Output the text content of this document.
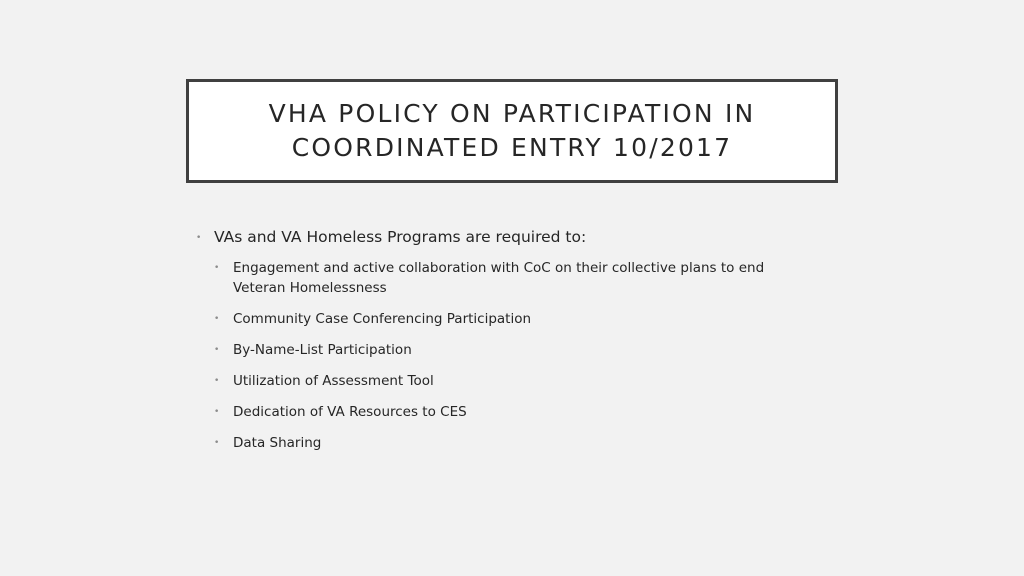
VHA POLICY ON PARTICIPATION IN
COORDINATED ENTRY 10/2017
• VAs and VA Homeless Programs are required to:
• Engagement and active collaboration with CoC on their collective plans to end Veteran Homelessness
• Community Case Conferencing Participation
• By-Name-List Participation
• Utilization of Assessment Tool
• Dedication of VA Resources to CES
• Data Sharing
